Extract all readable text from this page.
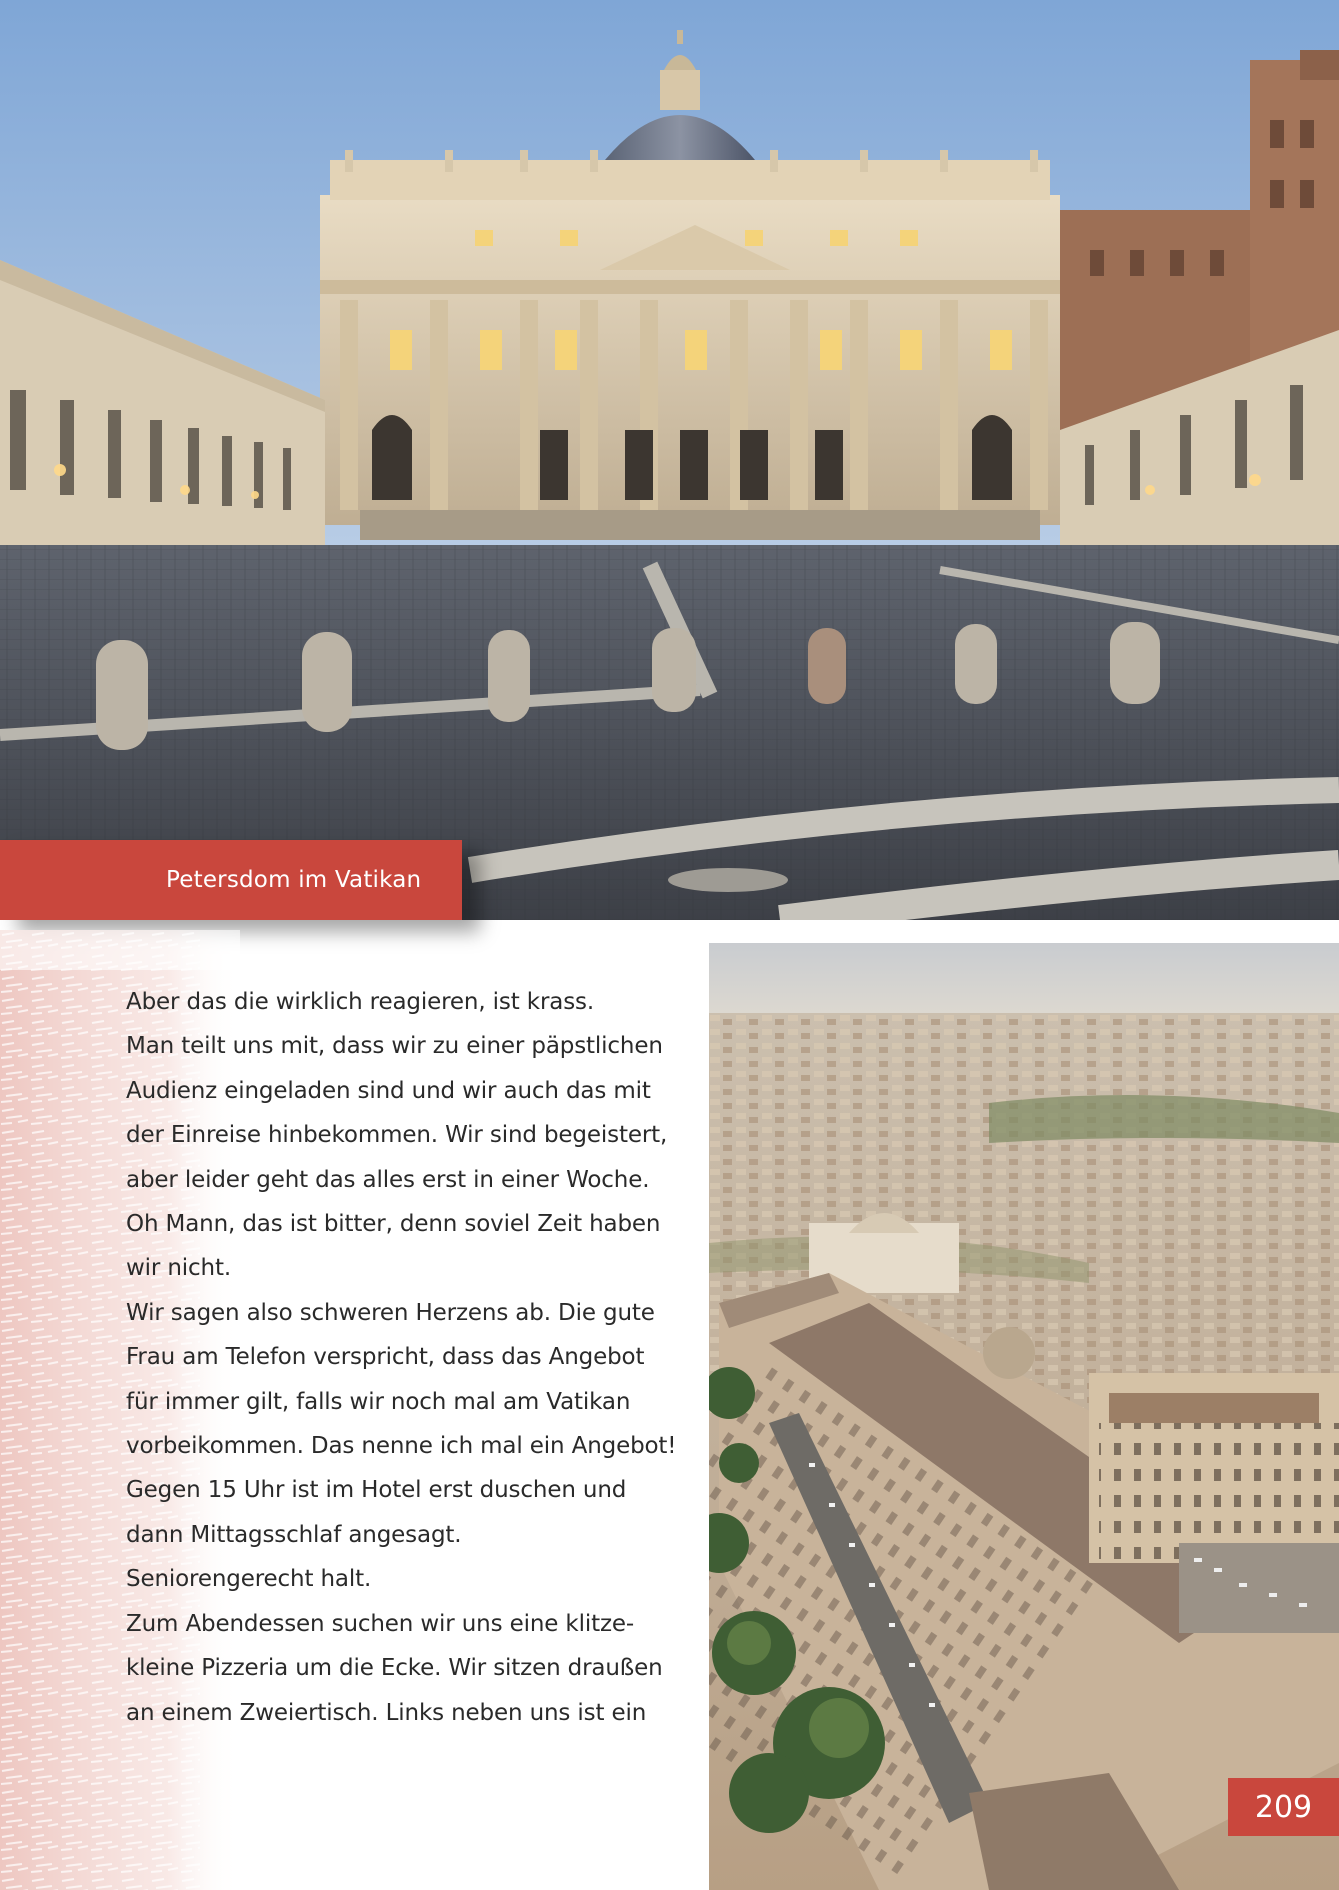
Petersdom im Vatikan
Aber das die wirklich reagieren, ist krass.
Man teilt uns mit, dass wir zu einer päpstlichen
Audienz eingeladen sind und wir auch das mit
der Einreise hinbekommen. Wir sind begeistert,
aber leider geht das alles erst in einer Woche.
Oh Mann, das ist bitter, denn soviel Zeit haben
wir nicht.
Wir sagen also schweren Herzens ab. Die gute
Frau am Telefon verspricht, dass das Angebot
für immer gilt, falls wir noch mal am Vatikan
vorbeikommen. Das nenne ich mal ein Angebot!
Gegen 15 Uhr ist im Hotel erst duschen und
dann Mittagsschlaf angesagt.
Seniorengerecht halt.
Zum Abendessen suchen wir uns eine klitze-
kleine Pizzeria um die Ecke. Wir sitzen draußen
an einem Zweiertisch. Links neben uns ist ein
209
